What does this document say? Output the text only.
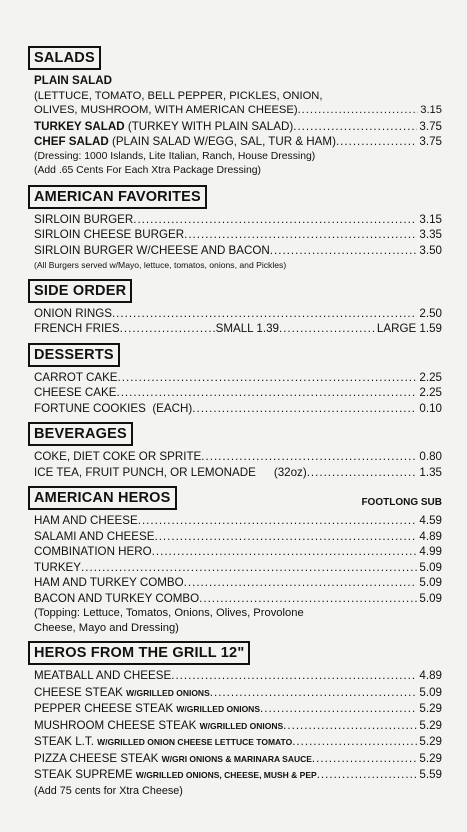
SALADS
PLAIN SALAD
(LETTUCE, TOMATO, BELL PEPPER, PICKLES, ONION,
OLIVES, MUSHROOM, WITH AMERICAN CHEESE) .....	3.15
TURKEY SALAD (TURKEY WITH PLAIN SALAD) .....	3.75
CHEF SALAD (PLAIN SALAD W/EGG, SAL, TUR & HAM) .....	3.75
(Dressing: 1000 Islands, Lite Italian, Ranch, House Dressing)
(Add .65 Cents For Each Xtra Package Dressing)
AMERICAN FAVORITES
SIRLOIN BURGER .....	3.15
SIRLOIN CHEESE BURGER .....	3.35
SIRLOIN BURGER W/CHEESE AND BACON .....	3.50
(All Burgers served w/Mayo, lettuce, tomatos, onions, and Pickles)
SIDE ORDER
ONION RINGS .....	2.50
FRENCH FRIES .....	SMALL 1.39 .....	LARGE 1.59
DESSERTS
CARROT CAKE .....	2.25
CHEESE CAKE .....	2.25
FORTUNE COOKIES  (EACH) .....	0.10
BEVERAGES
COKE, DIET COKE OR SPRITE .....	0.80
ICE TEA, FRUIT PUNCH, OR LEMONADE (32oz) .....	1.35
AMERICAN HEROS	FOOTLONG SUB
HAM AND CHEESE .....	4.59
SALAMI AND CHEESE .....	4.89
COMBINATION HERO .....	4.99
TURKEY .....	5.09
HAM AND TURKEY COMBO .....	5.09
BACON AND TURKEY COMBO .....	5.09
(Topping: Lettuce, Tomatos, Onions, Olives, Provolone
Cheese, Mayo and Dressing)
HEROS FROM THE GRILL 12"
MEATBALL AND CHEESE .....	4.89
CHEESE STEAK W/GRILLED ONIONS .....	5.09
PEPPER CHEESE STEAK W/GRILLED ONIONS .....	5.29
MUSHROOM CHEESE STEAK W/GRILLED ONIONS .....	5.29
STEAK L.T. W/GRILLED ONION CHEESE LETTUCE TOMATO .....	5.29
PIZZA CHEESE STEAK W/GRI ONIONS & MARINARA SAUCE .....	5.29
STEAK SUPREME W/GRILLED ONIONS, CHEESE, MUSH & PEP .....	5.59
(Add 75 cents for Xtra Cheese)
